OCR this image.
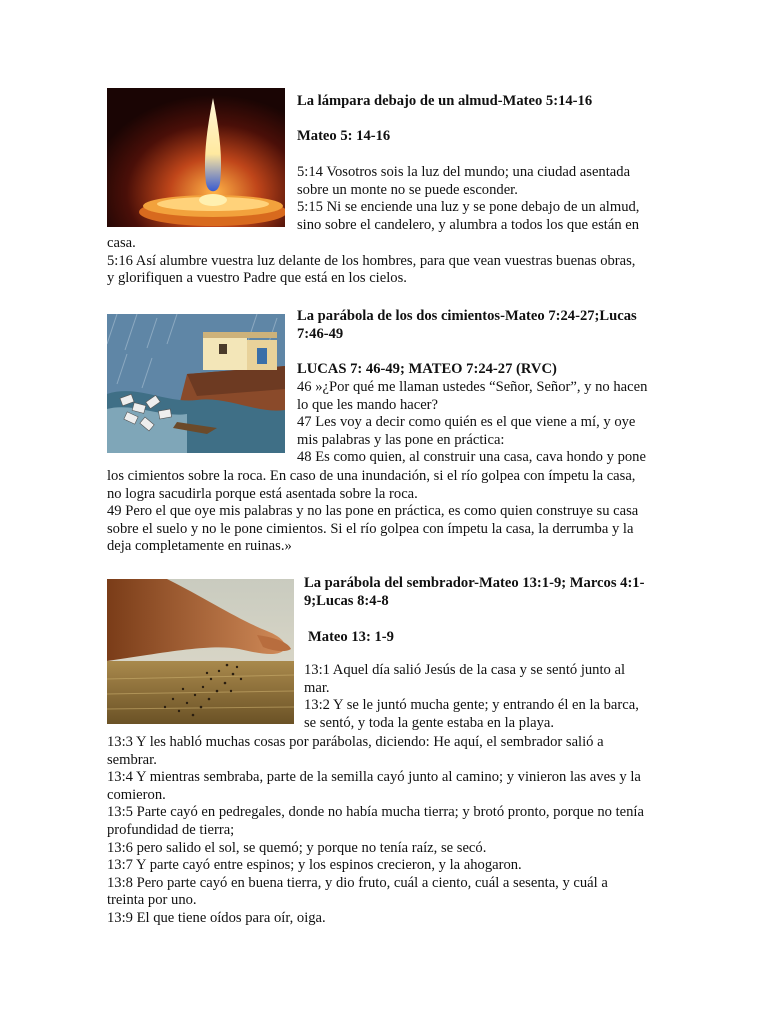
La lámpara debajo de un almud-Mateo 5:14-16
Mateo 5: 14-16

5:14 Vosotros sois la luz del mundo; una ciudad asentada

sobre un monte no se puede esconder.

5:15 Ni se enciende una luz y se pone debajo de un almud,

sino sobre el candelero, y alumbra a todos los que están en

casa.

5:16 Así alumbre vuestra luz delante de los hombres, para que vean vuestras buenas obras,

y glorifiquen a vuestro Padre que está en los cielos.

La parábola de los dos cimientos-Mateo 7:24-27;Lucas

7:46-49

LUCAS 7: 46-49; MATEO 7:24-27 (RVC)

46 »¿Por qué me llaman ustedes “Señor, Señor”, y no hacen

lo que les mando hacer?

47 Les voy a decir como quién es el que viene a mí, y oye

mis palabras y las pone en práctica:

48 Es como quien, al construir una casa, cava hondo y pone

los cimientos sobre la roca. En caso de una inundación, si el río golpea con ímpetu la casa,

no logra sacudirla porque está asentada sobre la roca.

49 Pero el que oye mis palabras y no las pone en práctica, es como quien construye su casa

sobre el suelo y no le pone cimientos. Si el río golpea con ímpetu la casa, la derrumba y la

deja completamente en ruinas.»

La parábola del sembrador-Mateo 13:1-9; Marcos 4:1-

9;Lucas 8:4-8

Mateo 13: 1-9

13:1 Aquel día salió Jesús de la casa y se sentó junto al

mar.

13:2 Y se le juntó mucha gente; y entrando él en la barca,

se sentó, y toda la gente estaba en la playa.

13:3 Y les habló muchas cosas por parábolas, diciendo: He aquí, el sembrador salió a

sembrar.

13:4 Y mientras sembraba, parte de la semilla cayó junto al camino; y vinieron las aves y la

comieron.

13:5 Parte cayó en pedregales, donde no había mucha tierra; y brotó pronto, porque no tenía

profundidad de tierra;

13:6 pero salido el sol, se quemó; y porque no tenía raíz, se secó.

13:7 Y parte cayó entre espinos; y los espinos crecieron, y la ahogaron.

13:8 Pero parte cayó en buena tierra, y dio fruto, cuál a ciento, cuál a sesenta, y cuál a

treinta por uno.

13:9 El que tiene oídos para oír, oiga.
